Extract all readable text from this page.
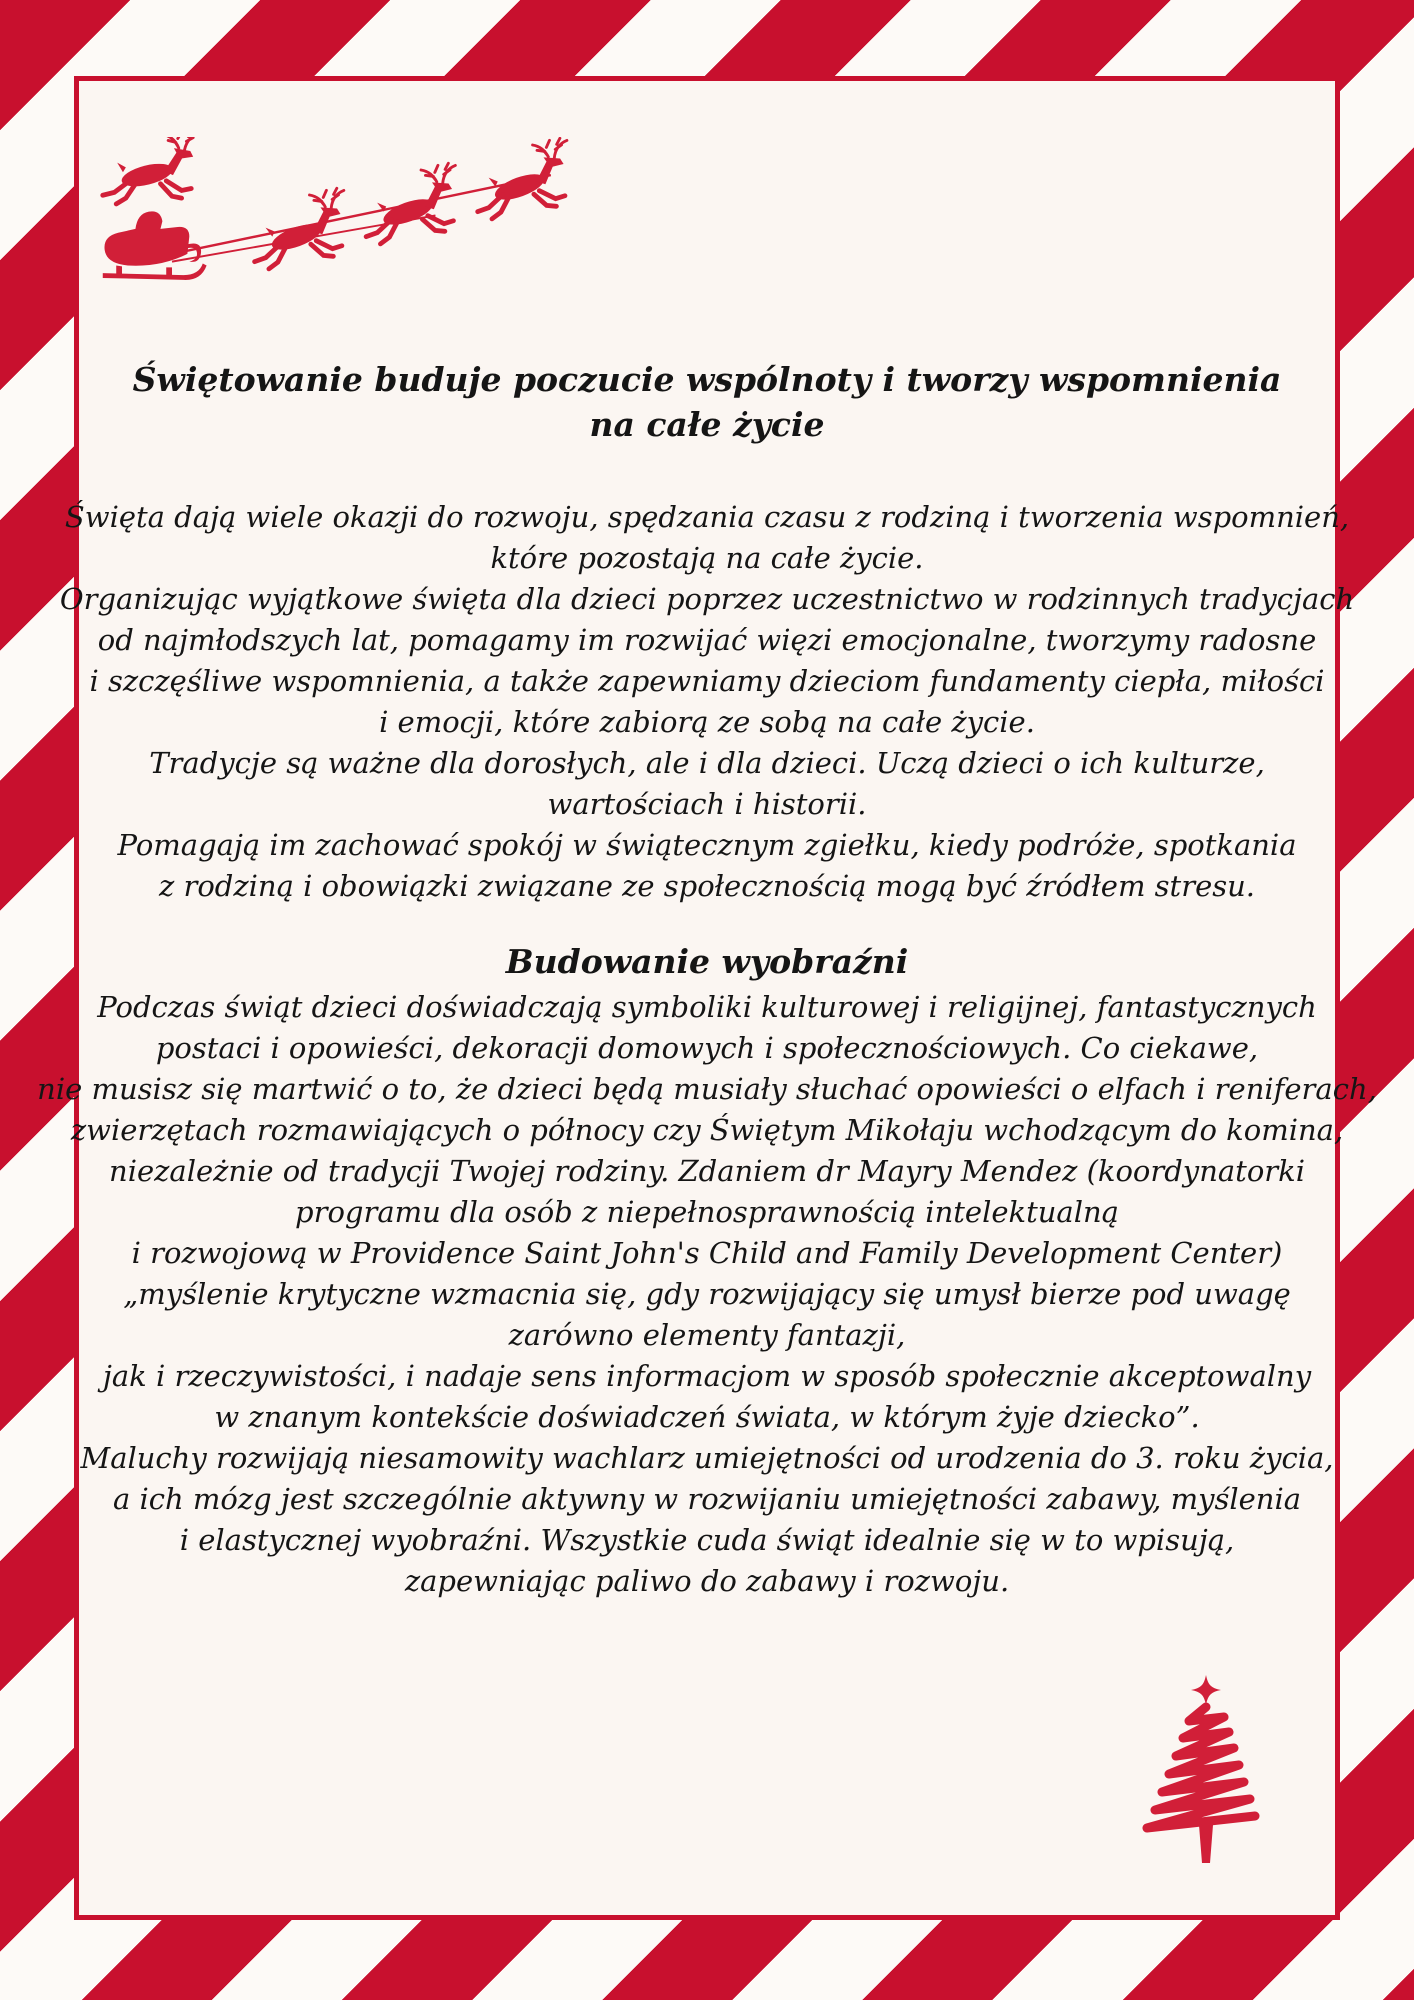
Świętowanie buduje poczucie wspólnoty i tworzy wspomnienia
na całe życie
Święta dają wiele okazji do rozwoju, spędzania czasu z rodziną i tworzenia wspomnień,
które pozostają na całe życie.
Organizując wyjątkowe święta dla dzieci poprzez uczestnictwo w rodzinnych tradycjach
od najmłodszych lat, pomagamy im rozwijać więzi emocjonalne, tworzymy radosne
i szczęśliwe wspomnienia, a także zapewniamy dzieciom fundamenty ciepła, miłości
i emocji, które zabiorą ze sobą na całe życie.
Tradycje są ważne dla dorosłych, ale i dla dzieci. Uczą dzieci o ich kulturze,
wartościach i historii.
Pomagają im zachować spokój w świątecznym zgiełku, kiedy podróże, spotkania
z rodziną i obowiązki związane ze społecznością mogą być źródłem stresu.
Budowanie wyobraźni
Podczas świąt dzieci doświadczają symboliki kulturowej i religijnej, fantastycznych
postaci i opowieści, dekoracji domowych i społecznościowych. Co ciekawe,
nie musisz się martwić o to, że dzieci będą musiały słuchać opowieści o elfach i reniferach,
zwierzętach rozmawiających o północy czy Świętym Mikołaju wchodzącym do komina,
niezależnie od tradycji Twojej rodziny. Zdaniem dr Mayry Mendez (koordynatorki
programu dla osób z niepełnosprawnością intelektualną
i rozwojową w Providence Saint John's Child and Family Development Center)
„myślenie krytyczne wzmacnia się, gdy rozwijający się umysł bierze pod uwagę
zarówno elementy fantazji,
jak i rzeczywistości, i nadaje sens informacjom w sposób społecznie akceptowalny
w znanym kontekście doświadczeń świata, w którym żyje dziecko”.
Maluchy rozwijają niesamowity wachlarz umiejętności od urodzenia do 3. roku życia,
a ich mózg jest szczególnie aktywny w rozwijaniu umiejętności zabawy, myślenia
i elastycznej wyobraźni. Wszystkie cuda świąt idealnie się w to wpisują,
zapewniając paliwo do zabawy i rozwoju.
